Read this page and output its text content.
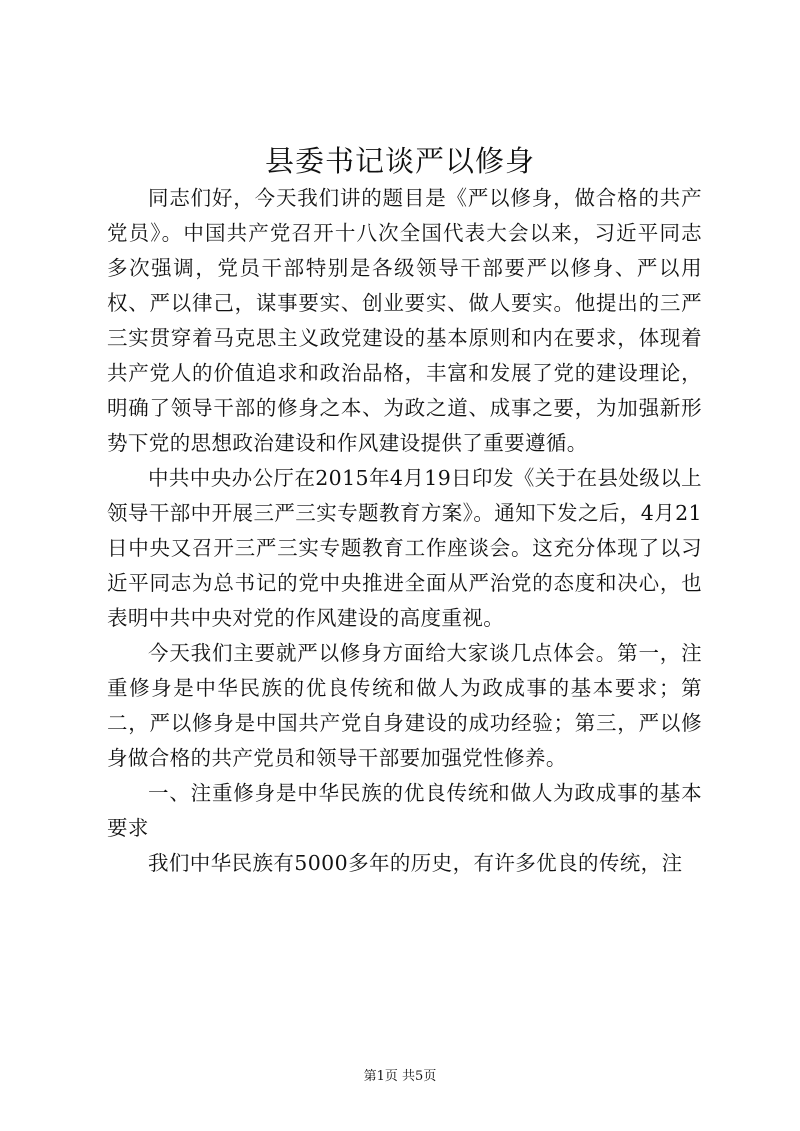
县委书记谈严以修身

同志们好，今天我们讲的题目是《严以修身，做合格的共产党员》。中国共产党召开十八次全国代表大会以来，习近平同志多次强调，党员干部特别是各级领导干部要严以修身、严以用权、严以律己，谋事要实、创业要实、做人要实。他提出的三严三实贯穿着马克思主义政党建设的基本原则和内在要求，体现着共产党人的价值追求和政治品格，丰富和发展了党的建设理论，明确了领导干部的修身之本、为政之道、成事之要，为加强新形势下党的思想政治建设和作风建设提供了重要遵循。

中共中央办公厅在2015年4月19日印发《关于在县处级以上领导干部中开展三严三实专题教育方案》。通知下发之后，4月21日中央又召开三严三实专题教育工作座谈会。这充分体现了以习近平同志为总书记的党中央推进全面从严治党的态度和决心，也表明中共中央对党的作风建设的高度重视。

今天我们主要就严以修身方面给大家谈几点体会。第一，注重修身是中华民族的优良传统和做人为政成事的基本要求；第二，严以修身是中国共产党自身建设的成功经验；第三，严以修身做合格的共产党员和领导干部要加强党性修养。

一、注重修身是中华民族的优良传统和做人为政成事的基本要求

我们中华民族有5000多年的历史，有许多优良的传统，注

第1页 共5页
